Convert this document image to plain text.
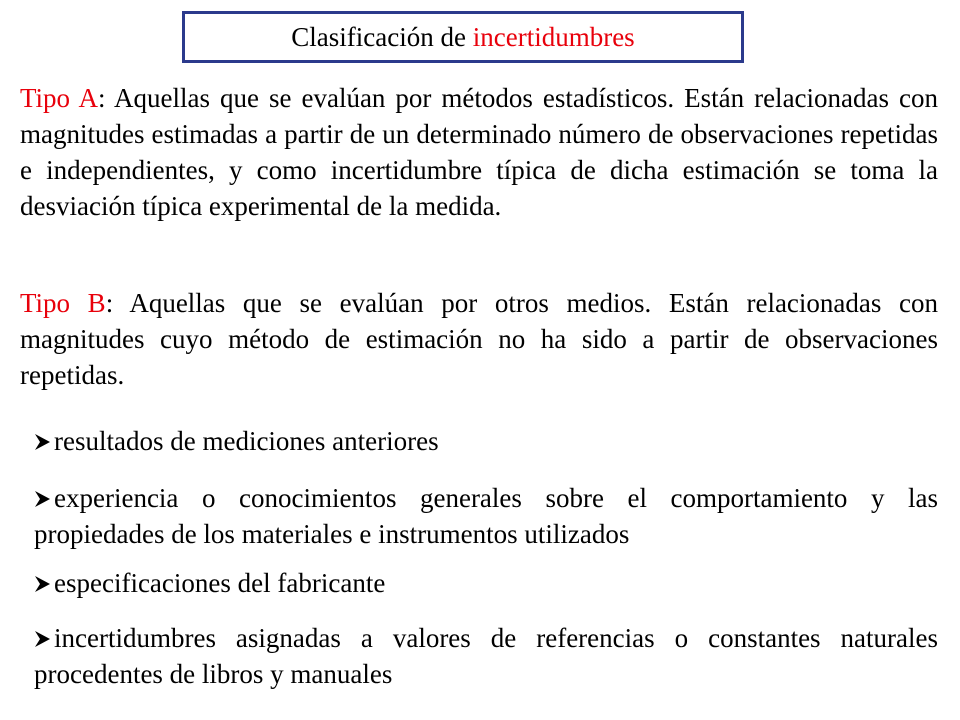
Clasificación de
incertidumbres

Tipo A: Aquellas que se evalúan por métodos estadísticos. Están relacionadas con magnitudes estimadas a partir de un determinado número de observaciones repetidas e independientes, y como incertidumbre típica de dicha estimación se toma la desviación típica experimental de la medida.

Tipo B: Aquellas que se evalúan por otros medios. Están relacionadas con magnitudes cuyo método de estimación no ha sido a partir de observaciones repetidas.

resultados de mediciones anteriores

experiencia o conocimientos generales sobre el comportamiento y las propiedades de los materiales e instrumentos utilizados

especificaciones del fabricante

incertidumbres asignadas a valores de referencias o constantes naturales procedentes de libros y manuales
